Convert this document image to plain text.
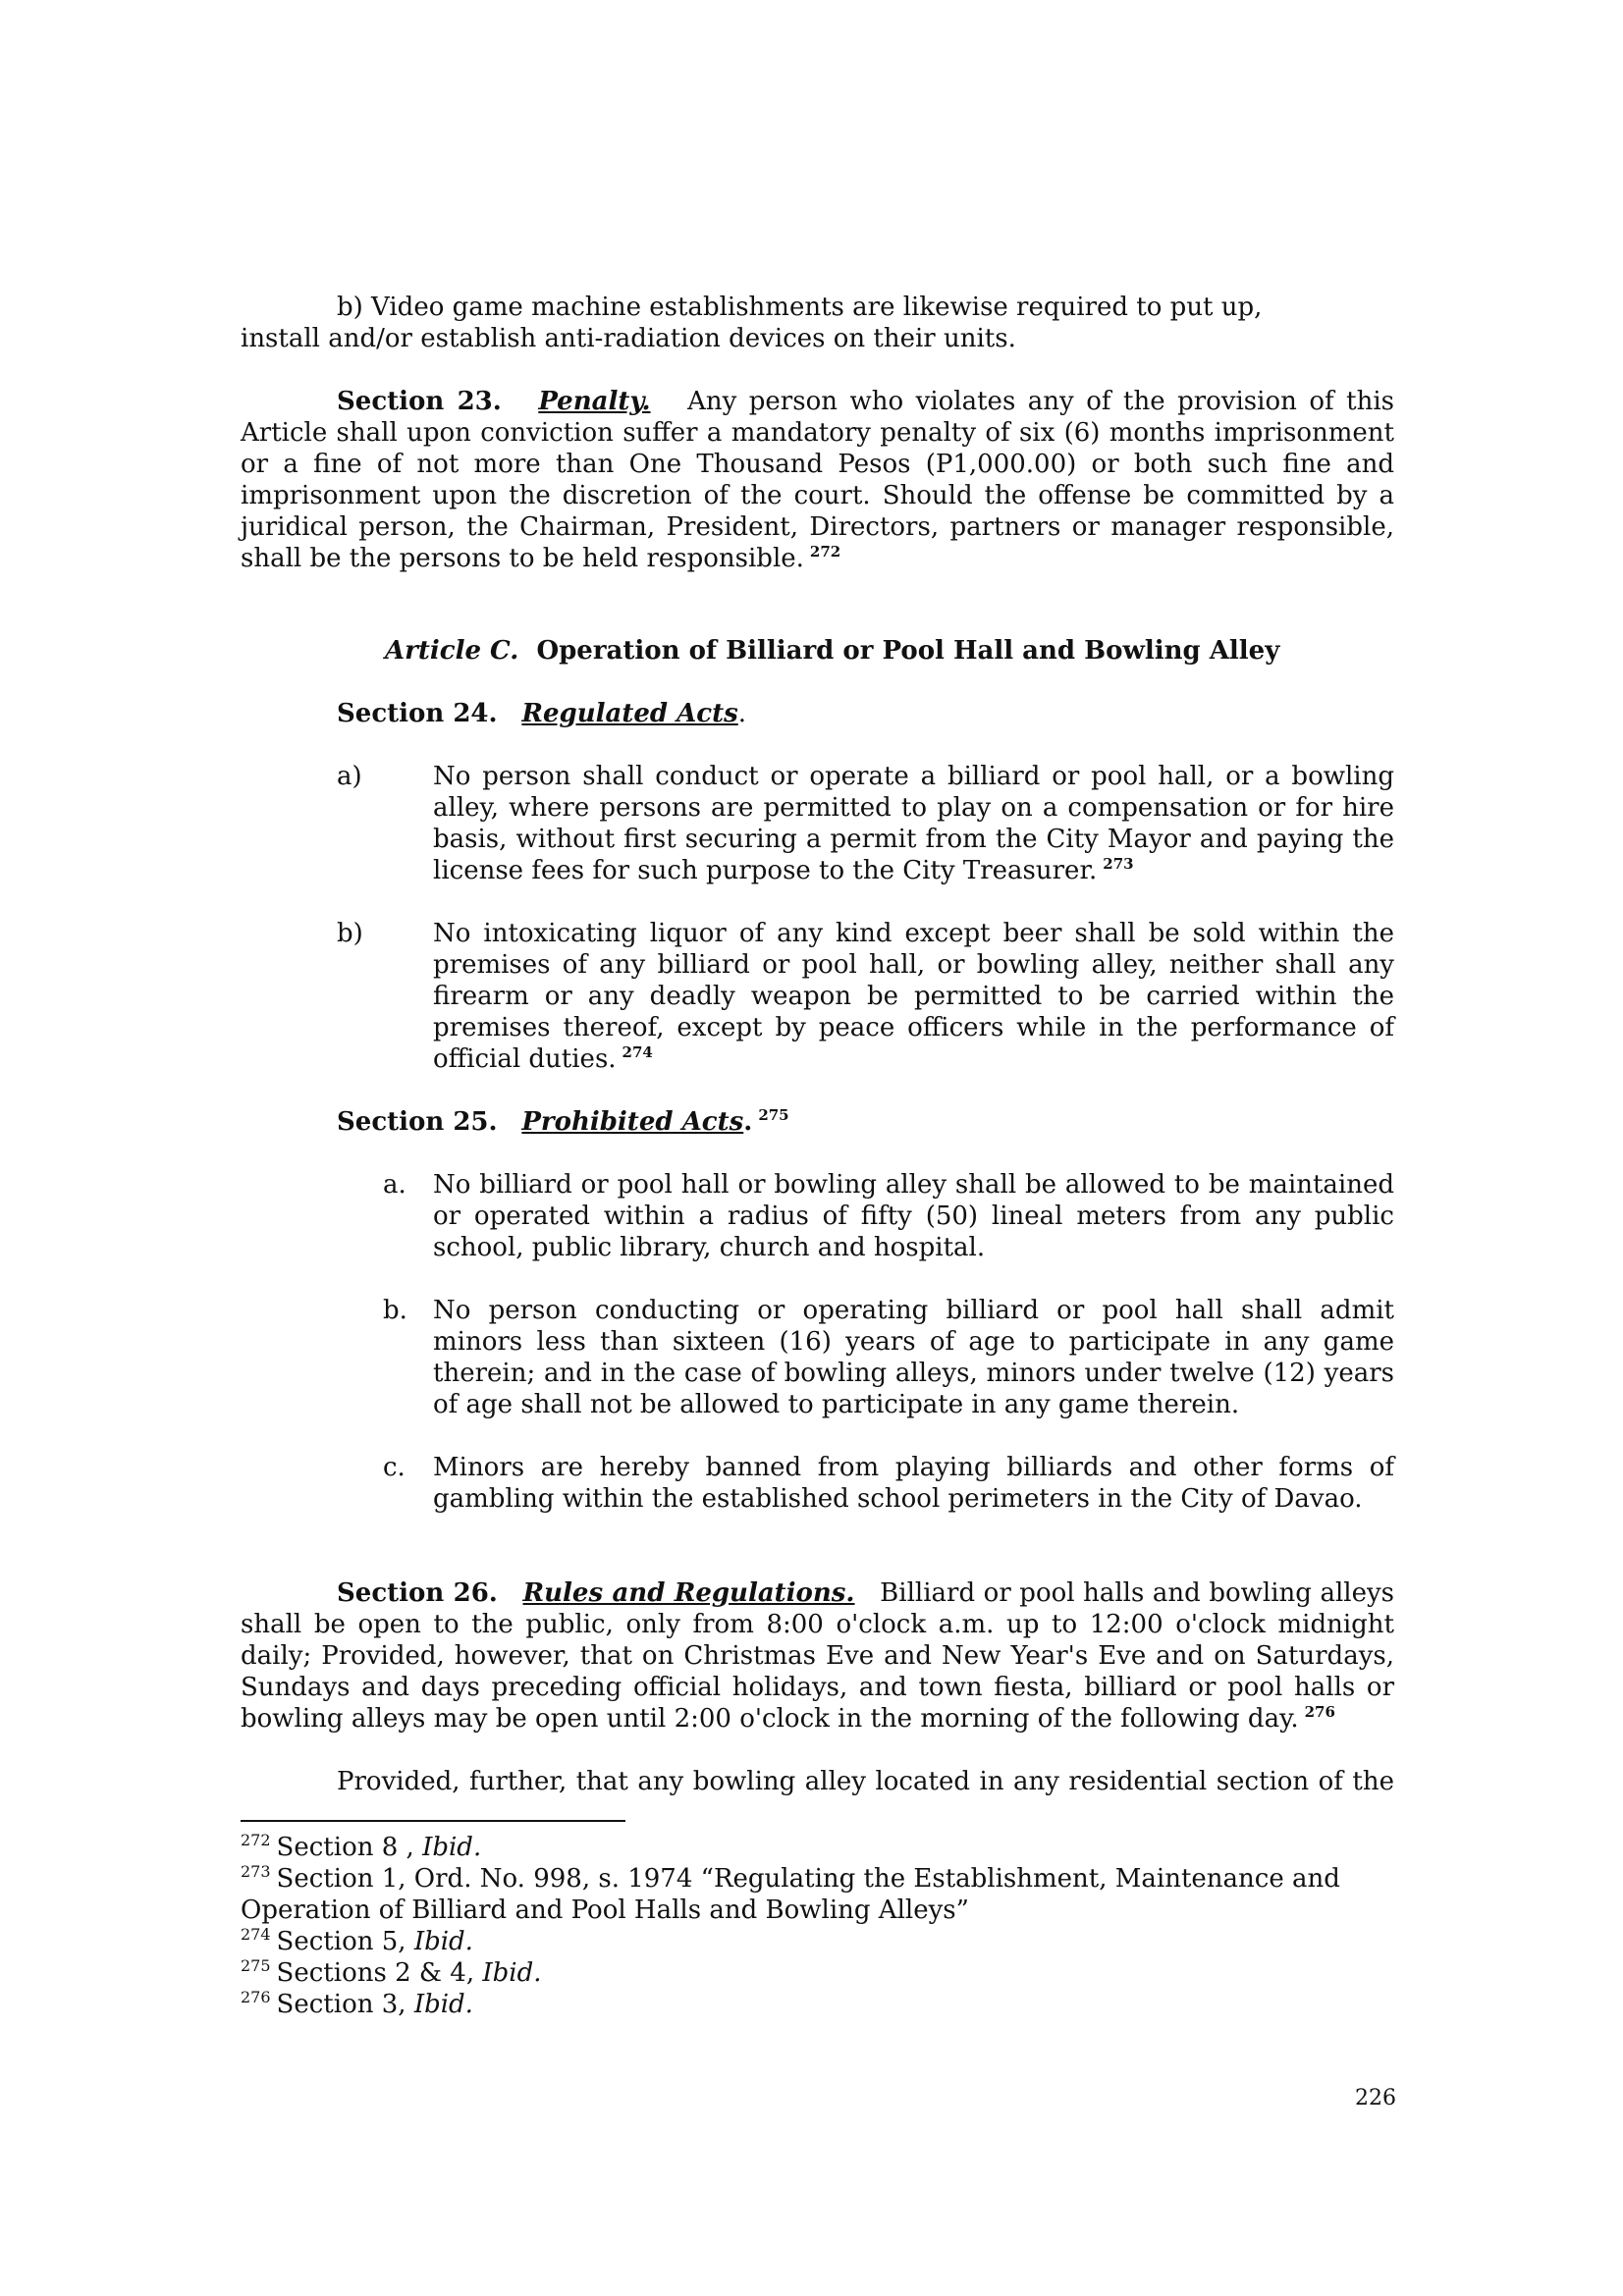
b) Video game machine establishments are likewise required to put up,
install and/or establish anti-radiation devices on their units.

Section 23. Penalty. Any person who violates any of the provision of this Article shall upon conviction suffer a mandatory penalty of six (6) months imprisonment or a fine of not more than One Thousand Pesos (P1,000.00) or both such fine and imprisonment upon the discretion of the court. Should the offense be committed by a juridical person, the Chairman, President, Directors, partners or manager responsible, shall be the persons to be held responsible. $^{272}$

Article C. Operation of Billiard or Pool Hall and Bowling Alley

Section 24. Regulated Acts.

a)	No person shall conduct or operate a billiard or pool hall, or a bowling alley, where persons are permitted to play on a compensation or for hire basis, without first securing a permit from the City Mayor and paying the license fees for such purpose to the City Treasurer. $^{273}$

b)	No intoxicating liquor of any kind except beer shall be sold within the premises of any billiard or pool hall, or bowling alley, neither shall any firearm or any deadly weapon be permitted to be carried within the premises thereof, except by peace officers while in the performance of official duties. $^{274}$

Section 25. Prohibited Acts. $^{275}$

a. No billiard or pool hall or bowling alley shall be allowed to be maintained or operated within a radius of fifty (50) lineal meters from any public school, public library, church and hospital.

b. No person conducting or operating billiard or pool hall shall admit minors less than sixteen (16) years of age to participate in any game therein; and in the case of bowling alleys, minors under twelve (12) years of age shall not be allowed to participate in any game therein.

c. Minors are hereby banned from playing billiards and other forms of gambling within the established school perimeters in the City of Davao.

Section 26. Rules and Regulations. Billiard or pool halls and bowling alleys shall be open to the public, only from 8:00 o'clock a.m. up to 12:00 o'clock midnight daily; Provided, however, that on Christmas Eve and New Year's Eve and on Saturdays, Sundays and days preceding official holidays, and town fiesta, billiard or pool halls or bowling alleys may be open until 2:00 o'clock in the morning of the following day. $^{276}$

Provided, further, that any bowling alley located in any residential section of the

$^{272}$ Section 8 , Ibid.

$^{273}$ Section 1, Ord. No. 998, s. 1974 “Regulating the Establishment, Maintenance and Operation of Billiard and Pool Halls and Bowling Alleys”

$^{274}$ Section 5, Ibid.

$^{275}$ Sections 2 & 4, Ibid.

$^{276}$ Section 3, Ibid.

226
